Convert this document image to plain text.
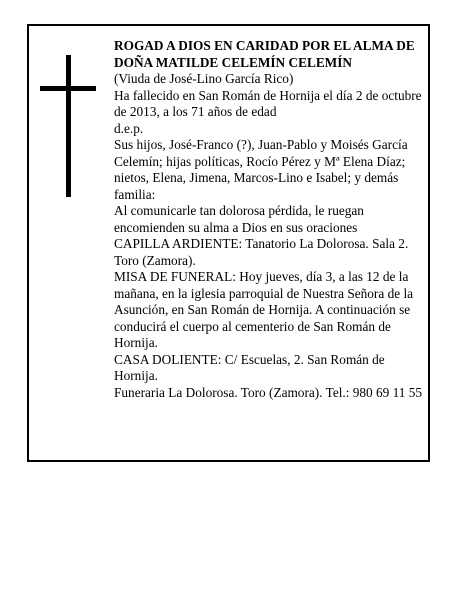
ROGAD A DIOS EN CARIDAD POR EL ALMA DE

DOÑA MATILDE CELEMÍN CELEMÍN

(Viuda de José-Lino García Rico)

Ha fallecido en San Román de Hornija el día 2 de octubre de 2013, a los 71 años de edad

d.e.p.

Sus hijos, José-Franco (?), Juan-Pablo y Moisés García Celemín; hijas políticas, Rocío Pérez y Mª Elena Díaz; nietos, Elena, Jimena, Marcos-Lino e Isabel; y demás familia:

Al comunicarle tan dolorosa pérdida, le ruegan encomienden su alma a Dios en sus oraciones

CAPILLA ARDIENTE: Tanatorio La Dolorosa. Sala 2. Toro (Zamora).

MISA DE FUNERAL: Hoy jueves, día 3, a las 12 de la mañana, en la iglesia parroquial de Nuestra Señora de la Asunción, en San Román de Hornija. A continuación se conducirá el cuerpo al cementerio de San Román de Hornija.

CASA DOLIENTE: C/ Escuelas, 2. San Román de Hornija.

Funeraria La Dolorosa. Toro (Zamora). Tel.: 980 69 11 55
